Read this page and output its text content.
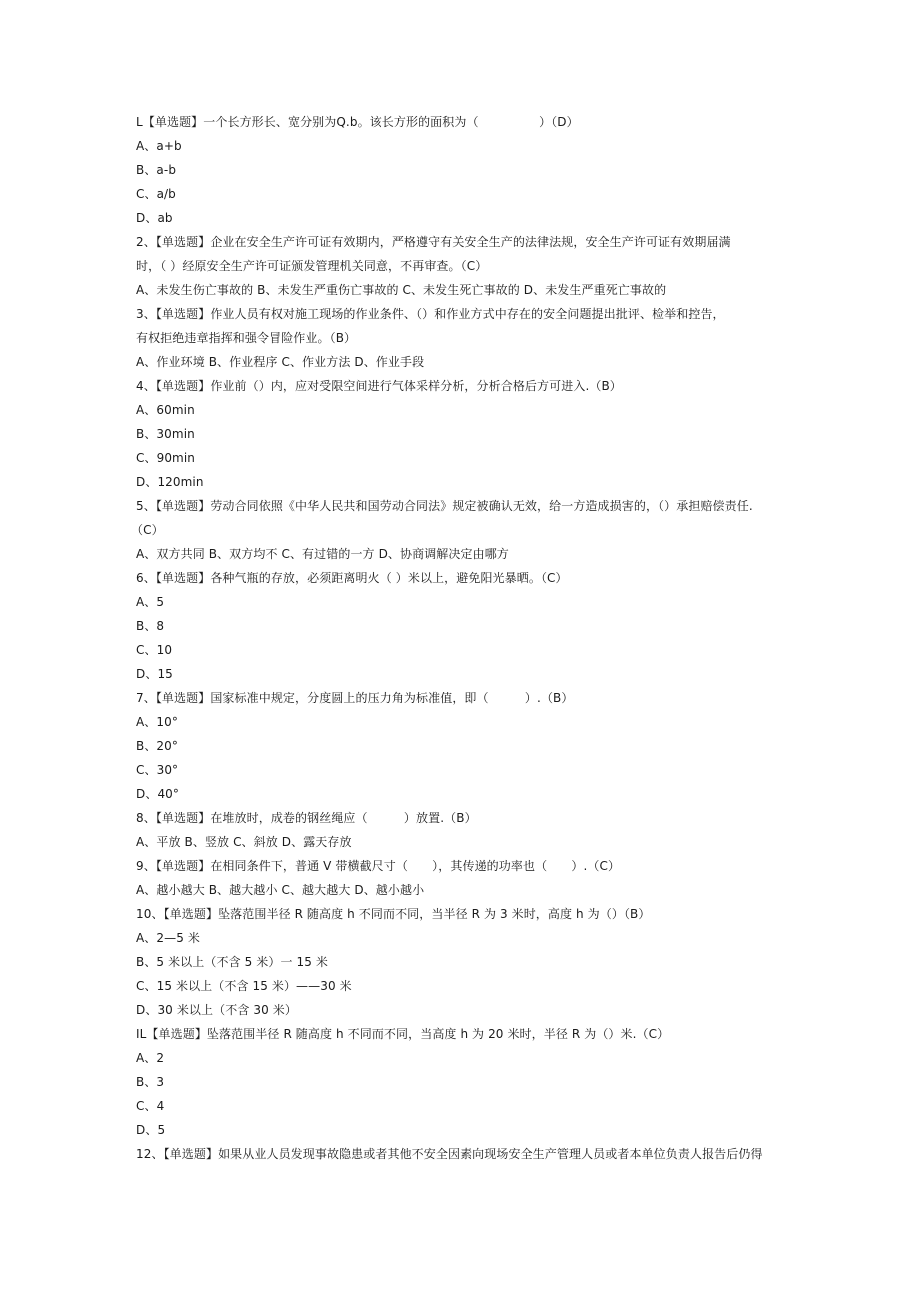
L【单选题】一个长方形长、宽分别为Q.b。该长方形的面积为（　　　　　）（D）
A、a+b
B、a-b
C、a/b
D、ab
2、【单选题】企业在安全生产许可证有效期内，严格遵守有关安全生产的法律法规，安全生产许可证有效期届满
时，（ ）经原安全生产许可证颁发管理机关同意，不再审查。（C）
A、未发生伤亡事故的 B、未发生严重伤亡事故的 C、未发生死亡事故的 D、未发生严重死亡事故的
3、【单选题】作业人员有权对施工现场的作业条件、（）和作业方式中存在的安全问题提出批评、检举和控告，
有权拒绝违章指挥和强令冒险作业。（B）
A、作业环境 B、作业程序 C、作业方法 D、作业手段
4、【单选题】作业前（）内，应对受限空间进行气体采样分析，分析合格后方可进入.（B）
A、60min
B、30min
C、90min
D、120min
5、【单选题】劳动合同依照《中华人民共和国劳动合同法》规定被确认无效，给一方造成损害的，（）承担赔偿责任.
（C）
A、双方共同 B、双方均不 C、有过错的一方 D、协商调解决定由哪方
6、【单选题】各种气瓶的存放，必须距离明火（ ）米以上，避免阳光暴晒。（C）
A、5
B、8
C、10
D、15
7、【单选题】国家标准中规定，分度圆上的压力角为标准值，即（　　　）.（B）
A、10°
B、20°
C、30°
D、40°
8、【单选题】在堆放时，成卷的钢丝绳应（　　　）放置.（B）
A、平放 B、竖放 C、斜放 D、露天存放
9、【单选题】在相同条件下，普通 V 带横截尺寸（　　），其传递的功率也（　　）.（C）
A、越小越大 B、越大越小 C、越大越大 D、越小越小
10、【单选题】坠落范围半径 R 随高度 h 不同而不同，当半径 R 为 3 米时，高度 h 为（）（B）
A、2—5 米
B、5 米以上（不含 5 米）一 15 米
C、15 米以上（不含 15 米）——30 米
D、30 米以上（不含 30 米）
IL【单选题】坠落范围半径 R 随高度 h 不同而不同，当高度 h 为 20 米时，半径 R 为（）米.（C）
A、2
B、3
C、4
D、5
12、【单选题】如果从业人员发现事故隐患或者其他不安全因素向现场安全生产管理人员或者本单位负责人报告后仍得
